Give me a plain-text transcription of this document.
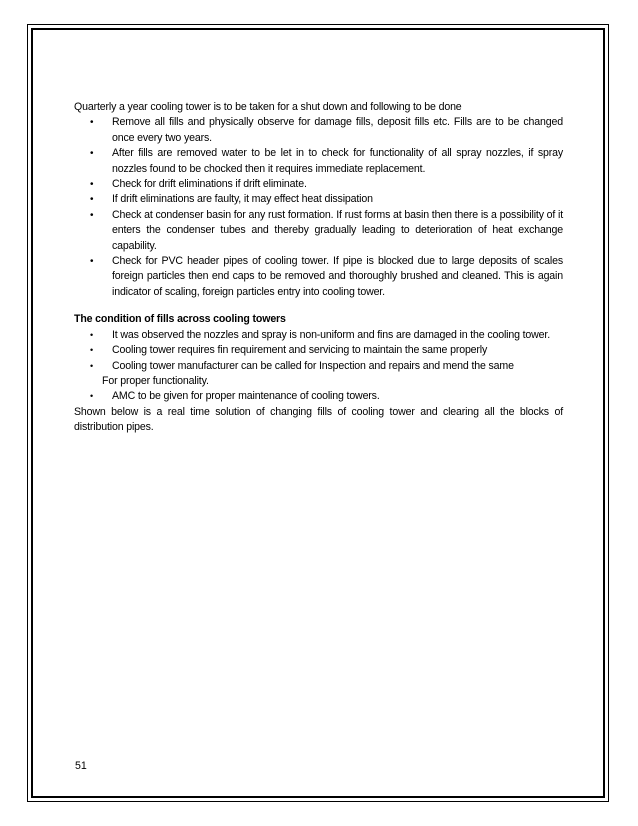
Quarterly a year cooling tower is to be taken for a shut down and following to be done

• Remove all fills and physically observe for damage fills, deposit fills etc. Fills are to be changed once every two years.
• After fills are removed water to be let in to check for functionality of all spray nozzles, if spray nozzles found to be chocked then it requires immediate replacement.
• Check for drift eliminations if drift eliminate.
• If drift eliminations are faulty, it may effect heat dissipation
• Check at condenser basin for any rust formation. If rust forms at basin then there is a possibility of it enters the condenser tubes and thereby gradually leading to deterioration of heat exchange capability.
• Check for PVC header pipes of cooling tower. If pipe is blocked due to large deposits of scales foreign particles then end caps to be removed and thoroughly brushed and cleaned. This is again indicator of scaling, foreign particles entry into cooling tower.

The condition of fills across cooling towers

• It was observed the nozzles and spray is non-uniform and fins are damaged in the cooling tower.
• Cooling tower requires fin requirement and servicing to maintain the same properly
• Cooling tower manufacturer can be called for Inspection and repairs and mend the same

For proper functionality.

• AMC to be given for proper maintenance of cooling towers.

Shown below is a real time solution of changing fills of cooling tower and clearing all the blocks of distribution pipes.

51
